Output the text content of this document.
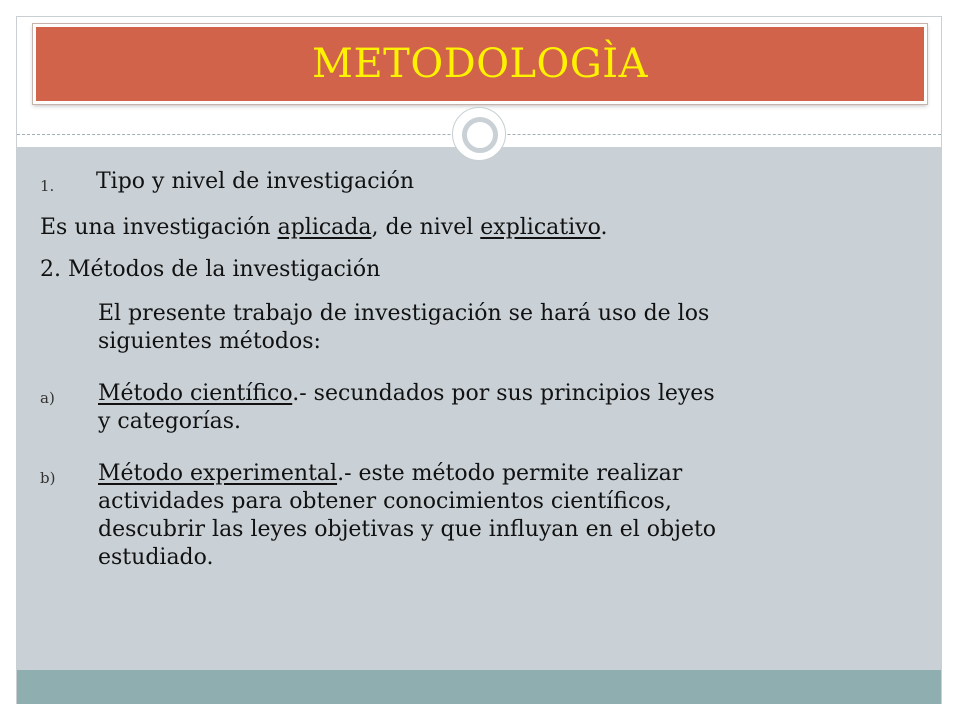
METODOLOGÌA
1. Tipo y nivel de investigación
Es una investigación aplicada, de nivel explicativo.
2. Métodos de la investigación
El presente trabajo de investigación se hará uso de los
siguientes métodos:
a) Método científico.- secundados por sus principios leyes
y categorías.
b) Método experimental.- este método permite realizar
actividades para obtener conocimientos científicos,
descubrir las leyes objetivas y que influyan en el objeto
estudiado.
